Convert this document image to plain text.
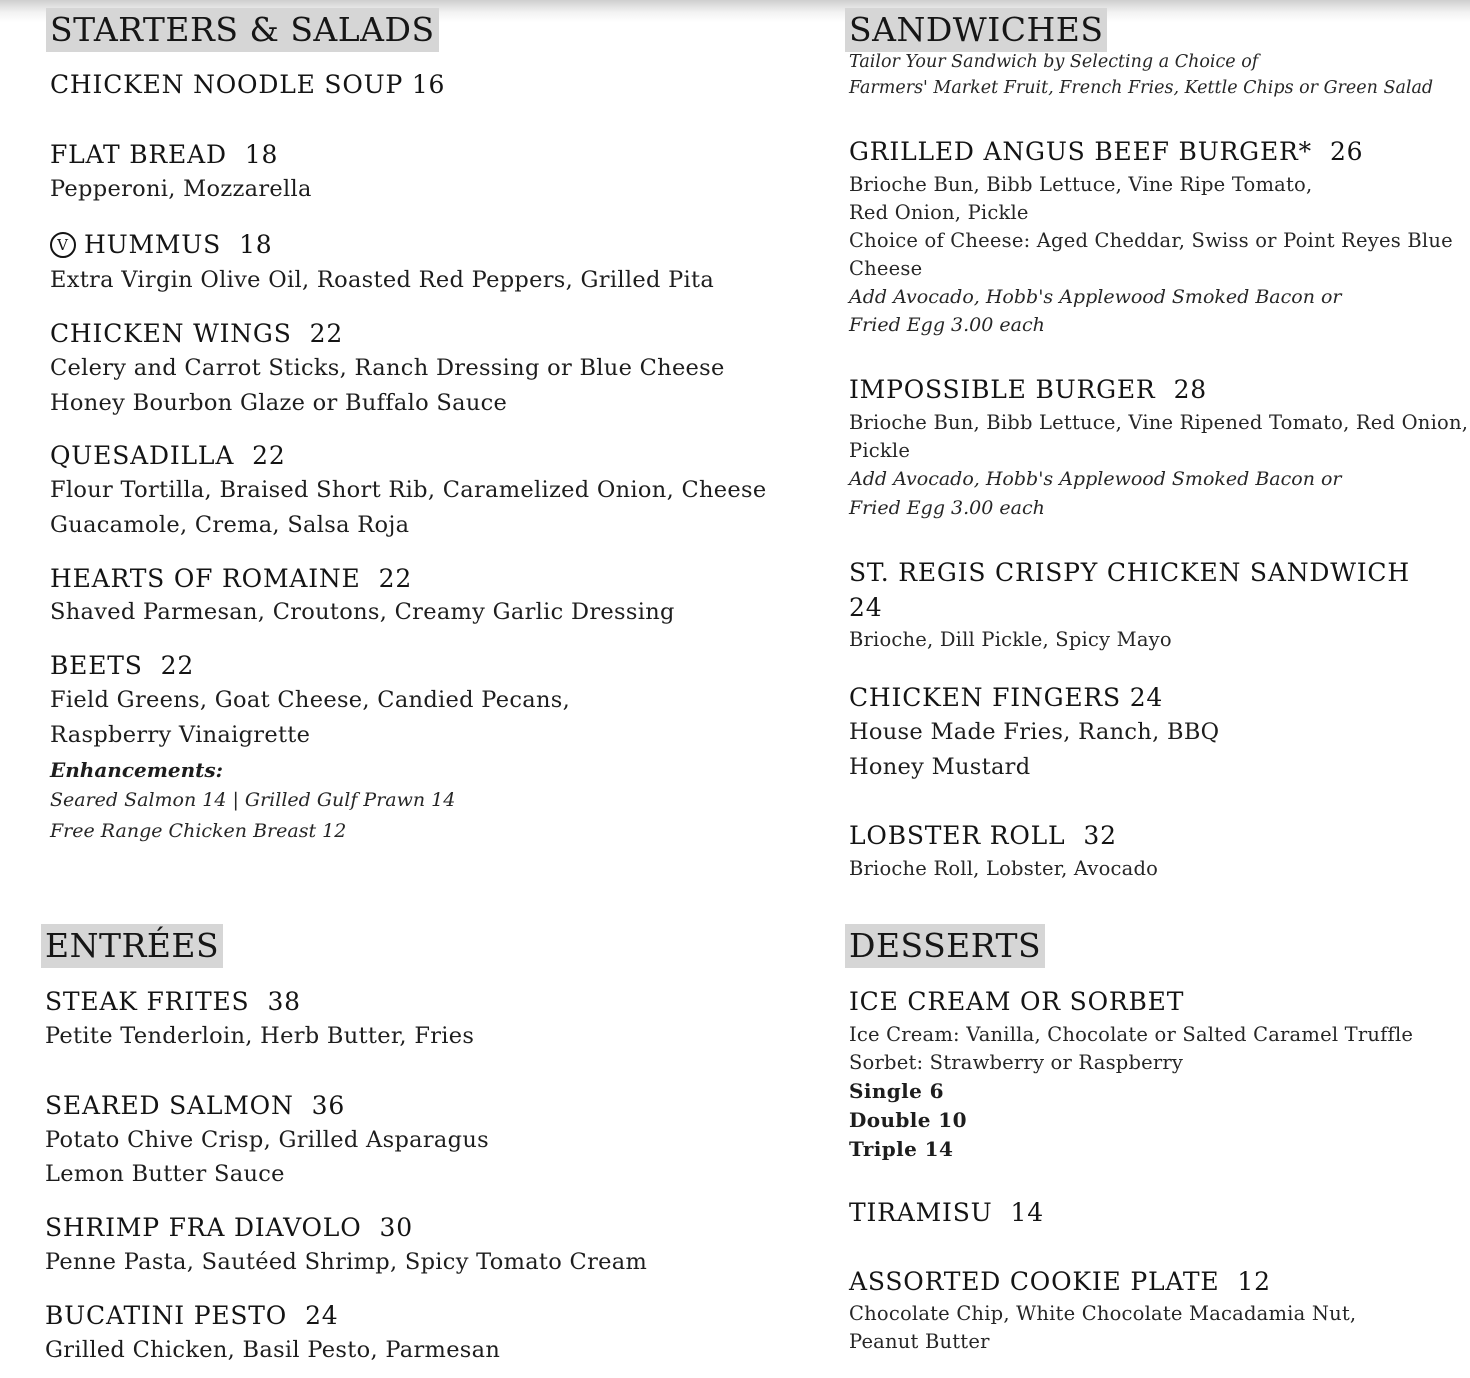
STARTERS & SALADS
CHICKEN NOODLE SOUP 16
FLAT BREAD 18
Pepperoni, Mozzarella
V HUMMUS 18
Extra Virgin Olive Oil, Roasted Red Peppers, Grilled Pita
CHICKEN WINGS 22
Celery and Carrot Sticks, Ranch Dressing or Blue Cheese
Honey Bourbon Glaze or Buffalo Sauce
QUESADILLA 22
Flour Tortilla, Braised Short Rib, Caramelized Onion, Cheese
Guacamole, Crema, Salsa Roja
HEARTS OF ROMAINE 22
Shaved Parmesan, Croutons, Creamy Garlic Dressing
BEETS 22
Field Greens, Goat Cheese, Candied Pecans,
Raspberry Vinaigrette
Enhancements:
Seared Salmon 14 | Grilled Gulf Prawn 14
Free Range Chicken Breast 12
ENTRÉES
STEAK FRITES 38
Petite Tenderloin, Herb Butter, Fries
SEARED SALMON 36
Potato Chive Crisp, Grilled Asparagus
Lemon Butter Sauce
SHRIMP FRA DIAVOLO 30
Penne Pasta, Sautéed Shrimp, Spicy Tomato Cream
BUCATINI PESTO 24
Grilled Chicken, Basil Pesto, Parmesan
SANDWICHES
Tailor Your Sandwich by Selecting a Choice of
Farmers' Market Fruit, French Fries, Kettle Chips or Green Salad
GRILLED ANGUS BEEF BURGER* 26
Brioche Bun, Bibb Lettuce, Vine Ripe Tomato,
Red Onion, Pickle
Choice of Cheese: Aged Cheddar, Swiss or Point Reyes Blue
Cheese
Add Avocado, Hobb's Applewood Smoked Bacon or
Fried Egg 3.00 each
IMPOSSIBLE BURGER 28
Brioche Bun, Bibb Lettuce, Vine Ripened Tomato, Red Onion,
Pickle
Add Avocado, Hobb's Applewood Smoked Bacon or
Fried Egg 3.00 each
ST. REGIS CRISPY CHICKEN SANDWICH
24
Brioche, Dill Pickle, Spicy Mayo
CHICKEN FINGERS 24
House Made Fries, Ranch, BBQ
Honey Mustard
LOBSTER ROLL 32
Brioche Roll, Lobster, Avocado
DESSERTS
ICE CREAM OR SORBET
Ice Cream: Vanilla, Chocolate or Salted Caramel Truffle
Sorbet: Strawberry or Raspberry
Single 6
Double 10
Triple 14
TIRAMISU 14
ASSORTED COOKIE PLATE 12
Chocolate Chip, White Chocolate Macadamia Nut,
Peanut Butter
